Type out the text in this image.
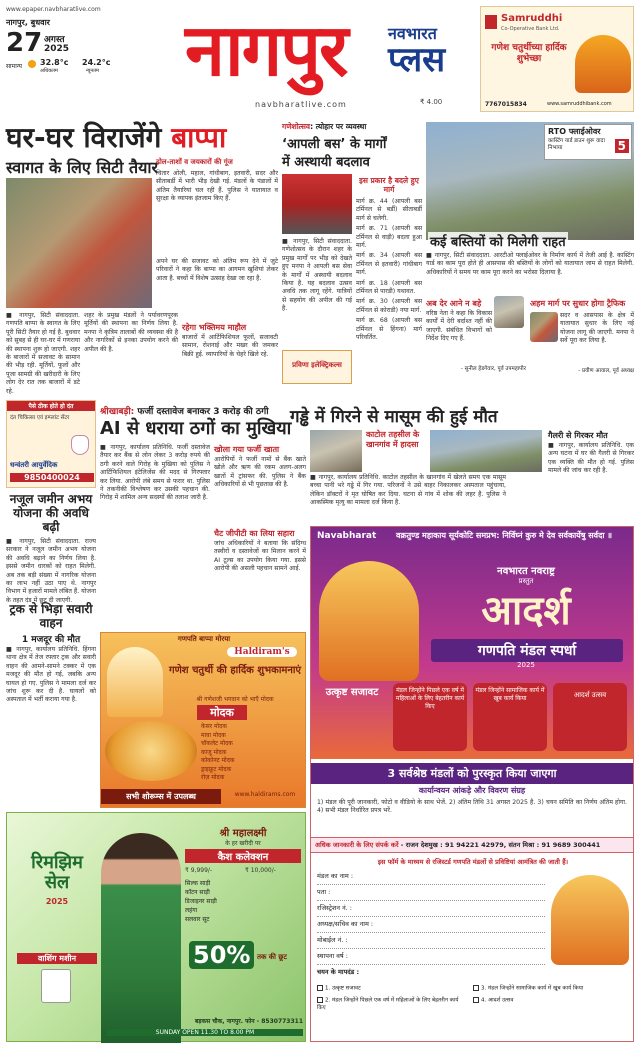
www.epaper.navbharatlive.com
नागपुर, बुधवार
27 अगस्त
2025
सामान्य 32.8°c
अधिकतम
24.2°c
न्यूनतम नागपुर	नवभारत
प्लस
navbharatlive.com	₹ 4.00
Samruddhi
Co-Operative Bank Ltd.
गणेश चतुर्थीच्या हार्दिक शुभेच्छा
7767015834	www.samruddhibank.com
घर-घर विराजेंगे बाप्पा
स्वागत के लिए सिटी तैयार
ढोल-ताशों व जयकारों की गूंज
चितार ओली, महाल, गांधीबाग, इतवारी, सदर और सीताबर्डी में भारी भीड़ देखी गई. मंडलों के पंडालों में अंतिम तैयारियां चल रही हैं. पुलिस ने यातायात व सुरक्षा के व्यापक इंतजाम किए हैं.
अपने घर की सजावट को अंतिम रूप देने में जुटे परिवारों ने कहा कि बाप्पा का आगमन खुशियां लेकर आता है. बच्चों में विशेष उत्साह देखा जा रहा है.
■ नागपुर, सिटी संवाददाता. गणपति बाप्पा के स्वागत के लिए पूरी सिटी तैयार हो गई है. बुधवार को सुबह से ही घर-घर में गणराया की स्थापना शुरू हो जाएगी. शहर के बाजारों में सजावट के सामान की भीड़ रही. मूर्तियों, फूलों और पूजा सामग्री की खरीदारी के लिए लोग देर रात तक बाजारों में डटे रहे.
शहर के प्रमुख मंडलों ने पर्यावरणपूरक मूर्तियों की स्थापना का निर्णय लिया है. मनपा ने कृत्रिम तालाबों की व्यवस्था की है और नागरिकों से इनका उपयोग करने की अपील की है.
रहेगा भक्तिमय माहौल
बाजारों में आर्टिफिशियल फूलों, सजावटी सामान, रोशनाई और मखर की जमकर बिक्री हुई. व्यापारियों के चेहरे खिले रहे.
पैसे ठीक होते हो दंत
दंत चिकित्सा एवं इम्प्लांट सेंटर
धन्वंतरी आयुर्वेदिक
9850400024
नजूल जमीन अभय योजना की अवधि बढ़ी
■ नागपुर, सिटी संवाददाता. राज्य सरकार ने नजूल जमीन अभय योजना की अवधि बढ़ाने का निर्णय लिया है. इससे जमीन धारकों को राहत मिलेगी. अब तक बड़ी संख्या में नागरिक योजना का लाभ नहीं उठा पाए थे. नागपुर विभाग में हजारों मामले लंबित हैं. योजना के तहत दंड में छूट दी जाएगी.
ट्रक से भिड़ा सवारी वाहन
1 मजदूर की मौत
■ नागपुर, कार्यालय प्रतिनिधि. हिंगना थाना क्षेत्र में तेज रफ्तार ट्रक और सवारी वाहन की आमने-सामने टक्कर में एक मजदूर की मौत हो गई, जबकि अन्य घायल हो गए. पुलिस ने मामला दर्ज कर जांच शुरू कर दी है. घायलों को अस्पताल में भर्ती कराया गया है.
श्रीखाबड़ी: फर्जी दस्तावेज बनाकर 3 करोड़ की ठगी
AI से धराया ठगों का मुखिया
■ नागपुर, कार्यालय प्रतिनिधि. फर्जी दस्तावेज तैयार कर बैंक से लोन लेकर 3 करोड़ रुपये की ठगी करने वाले गिरोह के मुखिया को पुलिस ने आर्टिफिशियल इंटेलिजेंस की मदद से गिरफ्तार कर लिया. आरोपी लंबे समय से फरार था. पुलिस ने तकनीकी विश्लेषण कर उसकी पहचान की. गिरोह में शामिल अन्य सदस्यों की तलाश जारी है.
खोला गया फर्जी खाता
आरोपियों ने फर्जी नामों से बैंक खाते खोले और ऋण की रकम अलग-अलग खातों में ट्रांसफर की. पुलिस ने बैंक अधिकारियों से भी पूछताछ की है.
चैट जीपीटी का लिया सहारा
जांच अधिकारियों ने बताया कि संदिग्ध तस्वीरों व दस्तावेजों का मिलान करने में AI टूल्स का उपयोग किया गया. इससे आरोपी की असली पहचान सामने आई.
गणेशोत्सव: त्योहार पर व्यवस्था
‘आपली बस’ के मार्गों
में अस्थायी बदलाव
इस प्रकार है बदले हुए मार्ग
■ नागपुर, सिटी संवाददाता. गणेशोत्सव के दौरान शहर के प्रमुख मार्गों पर भीड़ को देखते हुए मनपा ने आपली बस सेवा के मार्गों में अस्थायी बदलाव किया है. यह बदलाव उत्सव अवधि तक लागू रहेंगे. यात्रियों से सहयोग की अपील की गई है.
मार्ग क्र. 44 (आपली बस टर्मिनल से बर्डी) सीताबर्डी मार्ग से चलेगी.
मार्ग क्र. 71 (आपली बस टर्मिनल से वाड़ी) बदला हुआ मार्ग.
मार्ग क्र. 34 (आपली बस टर्मिनल से इतवारी) गांधीबाग मार्ग.
मार्ग क्र. 18 (आपली बस टर्मिनल से पारडी) यथावत.
मार्ग क्र. 30 (आपली बस टर्मिनल से कोराडी) नया मार्ग.
मार्ग क्र. 68 (आपली बस टर्मिनल से हिंगना) मार्ग परिवर्तित.
प्रविणा इलेक्ट्रिकल्स
RTO फ्लाईओवर
कास्टिंग यार्ड डाउन शुरू वादा निभाया	5
कई बस्तियों को मिलेगी राहत
■ नागपुर, सिटी संवाददाता. आरटीओ फ्लाईओवर के निर्माण कार्य में तेजी आई है. कास्टिंग यार्ड का काम पूरा होते ही आसपास की बस्तियों के लोगों को यातायात जाम से राहत मिलेगी. अधिकारियों ने समय पर काम पूरा करने का भरोसा दिलाया है.
अब देर आने न बहे
वरिष्ठ नेता ने कहा कि विकास कार्यों में देरी बर्दाश्त नहीं की जाएगी. संबंधित विभागों को निर्देश दिए गए हैं.
- सुनील हेडगेवार, पूर्व उपमहापौर
अहम मार्ग पर सुधार होगा ट्रैफिक
सदर व आसपास के क्षेत्र में यातायात सुधार के लिए नई योजना लागू की जाएगी. मनपा ने सर्वे पूरा कर लिया है.
- प्रवीण आवाल, पूर्व अध्यक्ष
गड्ढे में गिरने से मासूम की हुई मौत
काटोल तहसील के खानगांव में हादसा
■ नागपुर, कार्यालय प्रतिनिधि. काटोल तहसील के खानगांव में खेलते समय एक मासूम बच्चा पानी भरे गड्ढे में गिर गया. परिजनों ने उसे बाहर निकालकर अस्पताल पहुंचाया, लेकिन डॉक्टरों ने मृत घोषित कर दिया. घटना से गांव में शोक की लहर है. पुलिस ने आकस्मिक मृत्यु का मामला दर्ज किया है.
गैलरी से गिरकर मौत
■ नागपुर, कार्यालय प्रतिनिधि. एक अन्य घटना में घर की गैलरी से गिरकर एक व्यक्ति की मौत हो गई. पुलिस मामले की जांच कर रही है.
गणपति बाप्पा मोरया
Haldiram's
गणेश चतुर्थी की हार्दिक शुभकामनाएं
श्री गणेशजी भगवान को भाएँ मोदक
मोदक
केसर मोदक
मावा मोदक
चॉकलेट मोदक
काजू मोदक
कोकोनट मोदक
ड्राइफ्रूट मोदक
रोज़ मोदक
सभी शोरूम्स में उपलब्ध	www.haldirams.com
Navabharat	वक्रतुण्ड महाकाय सूर्यकोटि समप्रभ: निर्विघ्नं कुरु मे देव सर्वकार्येषु सर्वदा ॥
नवभारत नवराष्ट्र
प्रस्तुत
आदर्श
गणपति मंडल स्पर्धा
2025
उत्कृष्ट सजावट	मंडल जिन्होंने पिछले एक वर्ष में महिलाओं के लिए बेहतरीन कार्य किए
मंडल जिन्होंने सामाजिक कार्य में खूब कार्य किया	आदर्श उत्सव
3 सर्वश्रेष्ठ मंडलों को पुरस्कृत किया जाएगा
कार्यान्वयन आंकड़े और विवरण संग्रह
1) मंडल की पूरी जानकारी, फोटो व वीडियो के साथ भेजें. 2) अंतिम तिथि 31 अगस्त 2025 है. 3) चयन समिति का निर्णय अंतिम होगा. 4) सभी मंडल निर्धारित प्रपत्र भरें.
अधिक जानकारी के लिए संपर्क करें - राजन देशमुख : 91 94221 42979, संतन मिश्रा : 91 9689 300441
इस फॉर्म के माध्यम से रजिस्टर्ड गणपति मंडलों से प्रविष्टियां आमंत्रित की जाती हैं।
मंडल का नाम :
पता :
रजिस्ट्रेशन नं. :
अध्यक्ष/सचिव का नाम :
मोबाईल नं. :
स्थापना वर्ष :
चयन के मापदंड :
1. उत्कृष्ट सजावट
2. मंडल जिन्होंने पिछले एक वर्ष में महिलाओं के लिए बेहतरीन कार्य किए
3. मंडल जिन्होंने सामाजिक कार्य में खूब कार्य किया
4. आदर्श उत्सव
रिमझिम सेल
2025
श्री महालक्ष्मी
के हर खरीदी पर
कैश कलेक्शन
₹ 9,999/-	₹ 10,000/-
सिल्क साड़ी
कॉटन साड़ी
डिजाइनर साड़ी
लहंगा
सलवार सूट
50% तक की छूट
वाशिंग मशीन
बड़कस चौक, नागपुर. फोन - 8530773311
SUNDAY OPEN 11.30 TO 8.00 PM
